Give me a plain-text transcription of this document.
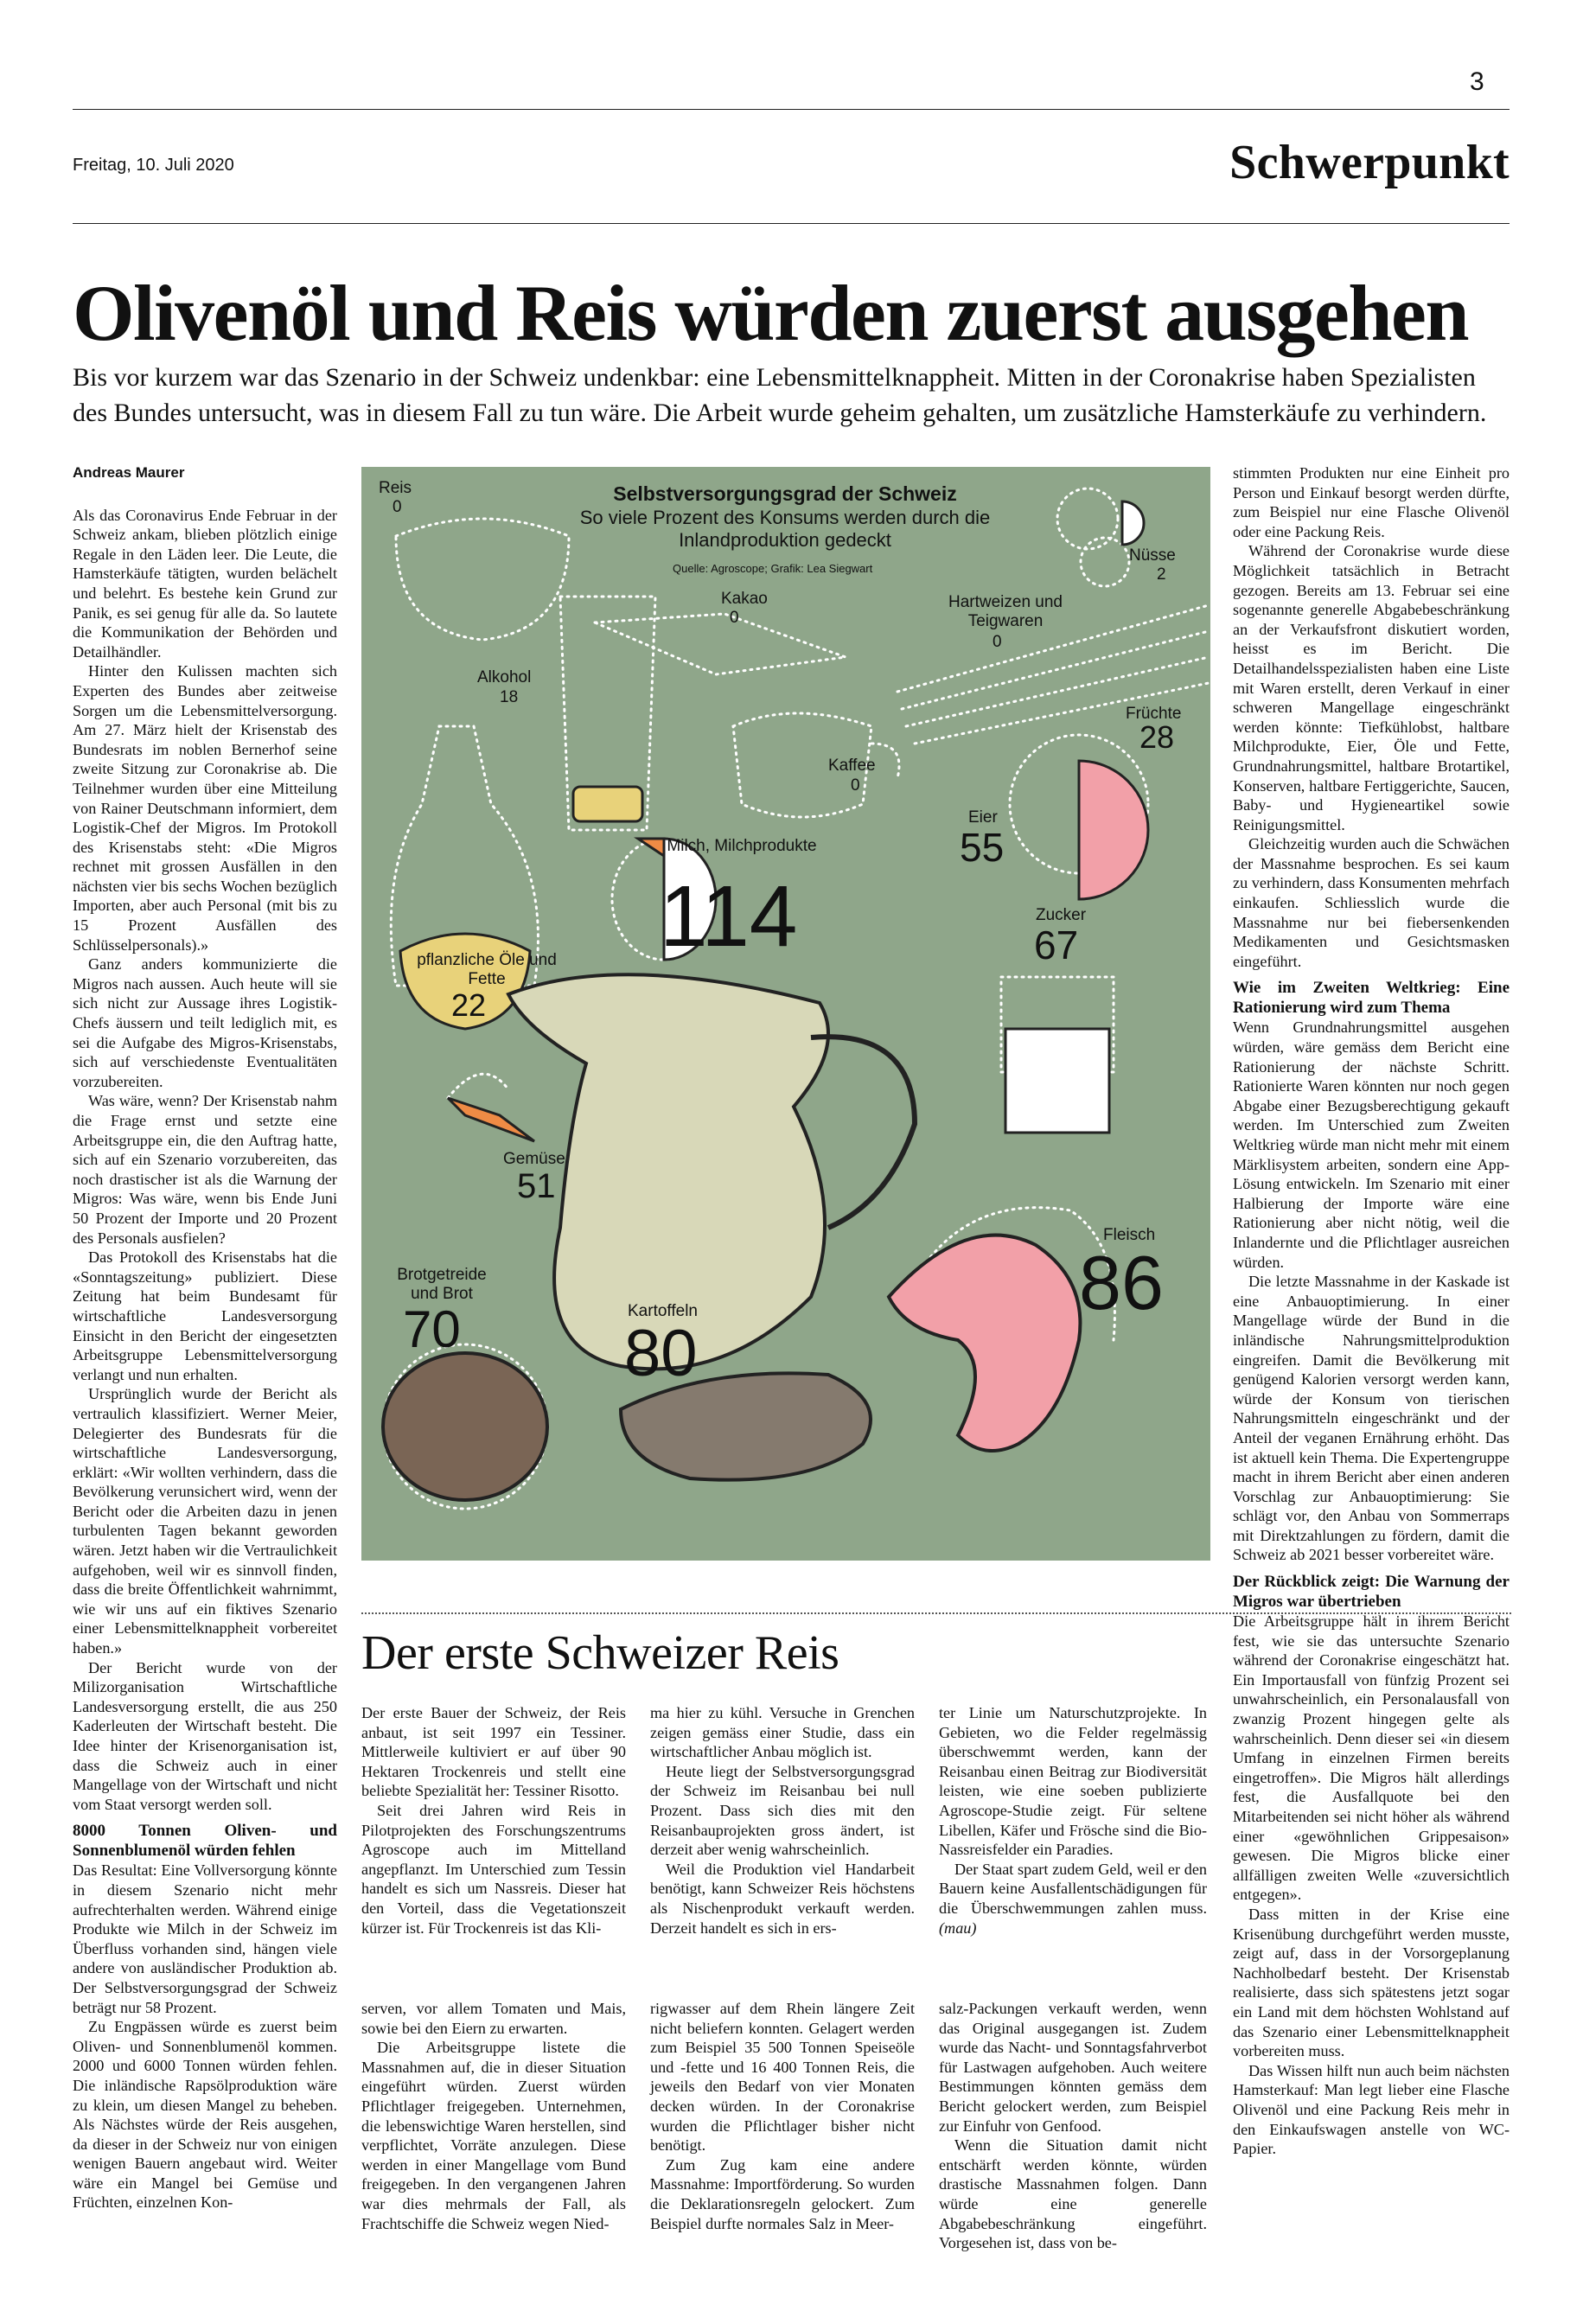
3
Freitag, 10. Juli 2020	Schwerpunkt
Olivenöl und Reis würden zuerst ausgehen
Bis vor kurzem war das Szenario in der Schweiz undenkbar: eine Lebensmittelknappheit. Mitten in der Coronakrise haben Spezialisten des Bundes untersucht, was in diesem Fall zu tun wäre. Die Arbeit wurde geheim gehalten, um zusätzliche Hamsterkäufe zu verhindern.
Andreas Maurer

Als das Coronavirus Ende Februar in der Schweiz ankam, blieben plötzlich einige Regale in den Läden leer. Die Leute, die Hamsterkäufe tätigten, wurden belächelt und belehrt. Es bestehe kein Grund zur Panik, es sei genug für alle da. So lautete die Kommunikation der Behörden und Detailhändler.

Hinter den Kulissen machten sich Experten des Bundes aber zeitweise Sorgen um die Lebensmittelversorgung. Am 27. März hielt der Krisenstab des Bundesrats im noblen Bernerhof seine zweite Sitzung zur Coronakrise ab. Die Teilnehmer wurden über eine Mitteilung von Rainer Deutschmann informiert, dem Logistik-Chef der Migros. Im Protokoll des Krisenstabs steht: «Die Migros rechnet mit grossen Ausfällen in den nächsten vier bis sechs Wochen bezüglich Importen, aber auch Personal (mit bis zu 15 Prozent Ausfällen des Schlüsselpersonals).»

Ganz anders kommunizierte die Migros nach aussen. Auch heute will sie sich nicht zur Aussage ihres Logistik-Chefs äussern und teilt lediglich mit, es sei die Aufgabe des Migros-Krisenstabs, sich auf verschiedenste Eventualitäten vorzubereiten.

Was wäre, wenn? Der Krisenstab nahm die Frage ernst und setzte eine Arbeitsgruppe ein, die den Auftrag hatte, sich auf ein Szenario vorzubereiten, das noch drastischer ist als die Warnung der Migros: Was wäre, wenn bis Ende Juni 50 Prozent der Importe und 20 Prozent des Personals ausfielen?

Das Protokoll des Krisenstabs hat die «Sonntagszeitung» publiziert. Diese Zeitung hat beim Bundesamt für wirtschaftliche Landesversorgung Einsicht in den Bericht der eingesetzten Arbeitsgruppe Lebensmittelversorgung verlangt und nun erhalten.

Ursprünglich wurde der Bericht als vertraulich klassifiziert. Werner Meier, Delegierter des Bundesrats für die wirtschaftliche Landesversorgung, erklärt: «Wir wollten verhindern, dass die Bevölkerung verunsichert wird, wenn der Bericht oder die Arbeiten dazu in jenen turbulenten Tagen bekannt geworden wären. Jetzt haben wir die Vertraulichkeit aufgehoben, weil wir es sinnvoll finden, dass die breite Öffentlichkeit wahrnimmt, wie wir uns auf ein fiktives Szenario einer Lebensmittelknappheit vorbereitet haben.»

Der Bericht wurde von der Milizorganisation Wirtschaftliche Landesversorgung erstellt, die aus 250 Kaderleuten der Wirtschaft besteht. Die Idee hinter der Krisenorganisation ist, dass die Schweiz auch in einer Mangellage von der Wirtschaft und nicht vom Staat versorgt werden soll.

8000 Tonnen Oliven- und Sonnenblumenöl würden fehlen

Das Resultat: Eine Vollversorgung könnte in diesem Szenario nicht mehr aufrechterhalten werden. Während einige Produkte wie Milch in der Schweiz im Überfluss vorhanden sind, hängen viele andere von ausländischer Produktion ab. Der Selbstversorgungsgrad der Schweiz beträgt nur 58 Prozent.

Zu Engpässen würde es zuerst beim Oliven- und Sonnenblumenöl kommen. 2000 und 6000 Tonnen würden fehlen. Die inländische Rapsölproduktion wäre zu klein, um diesen Mangel zu beheben. Als Nächstes würde der Reis ausgehen, da dieser in der Schweiz nur von einigen wenigen Bauern angebaut wird. Weiter wäre ein Mangel bei Gemüse und Früchten, einzelnen Kon-

Selbstversorgungsgrad der Schweiz
So viele Prozent des Konsums werden durch die Inlandproduktion gedeckt
Quelle: Agroscope; Grafik: Lea Siegwart
Reis
0
Nüsse
2
Kakao
0
Hartweizen und Teigwaren
0
Alkohol
18
Früchte
28
Kaffee
0
Eier
55
Milch, Milchprodukte
114	Zucker
67
pflanzliche Öle und Fette
22
Gemüse
51
Fleisch
86
Brotgetreide und Brot
70	Kartoffeln
80
Der erste Schweizer Reis

Der erste Bauer der Schweiz, der Reis anbaut, ist seit 1997 ein Tessiner. Mittlerweile kultiviert er auf über 90 Hektaren Trockenreis und stellt eine beliebte Spezialität her: Tessiner Risotto.

Seit drei Jahren wird Reis in Pilotprojekten des Forschungszentrums Agroscope auch im Mittelland angepflanzt. Im Unterschied zum Tessin handelt es sich um Nassreis. Dieser hat den Vorteil, dass die Vegetationszeit kürzer ist. Für Trockenreis ist das Kli-

ma hier zu kühl. Versuche in Grenchen zeigen gemäss einer Studie, dass ein wirtschaftlicher Anbau möglich ist.

Heute liegt der Selbstversorgungsgrad der Schweiz im Reisanbau bei null Prozent. Dass sich dies mit den Reisanbauprojekten gross ändert, ist derzeit aber wenig wahrscheinlich.

Weil die Produktion viel Handarbeit benötigt, kann Schweizer Reis höchstens als Nischenprodukt verkauft werden. Derzeit handelt es sich in ers-

ter Linie um Naturschutzprojekte. In Gebieten, wo die Felder regelmässig überschwemmt werden, kann der Reisanbau einen Beitrag zur Biodiversität leisten, wie eine soeben publizierte Agroscope-Studie zeigt. Für seltene Libellen, Käfer und Frösche sind die Bio-Nassreisfelder ein Paradies.

Der Staat spart zudem Geld, weil er den Bauern keine Ausfallentschädigungen für die Überschwemmungen zahlen muss. (mau)

serven, vor allem Tomaten und Mais, sowie bei den Eiern zu erwarten.

Die Arbeitsgruppe listete die Massnahmen auf, die in dieser Situation eingeführt würden. Zuerst würden Pflichtlager freigegeben. Unternehmen, die lebenswichtige Waren herstellen, sind verpflichtet, Vorräte anzulegen. Diese werden in einer Mangellage vom Bund freigegeben. In den vergangenen Jahren war dies mehrmals der Fall, als Frachtschiffe die Schweiz wegen Nied-

rigwasser auf dem Rhein längere Zeit nicht beliefern konnten. Gelagert werden zum Beispiel 35 500 Tonnen Speiseöle und -fette und 16 400 Tonnen Reis, die jeweils den Bedarf von vier Monaten decken würden. In der Coronakrise wurden die Pflichtlager bisher nicht benötigt.

Zum Zug kam eine andere Massnahme: Importförderung. So wurden die Deklarationsregeln gelockert. Zum Beispiel durfte normales Salz in Meer-

salz-Packungen verkauft werden, wenn das Original ausgegangen ist. Zudem wurde das Nacht- und Sonntagsfahrverbot für Lastwagen aufgehoben. Auch weitere Bestimmungen könnten gemäss dem Bericht gelockert werden, zum Beispiel zur Einfuhr von Genfood.

Wenn die Situation damit nicht entschärft werden könnte, würden drastische Massnahmen folgen. Dann würde eine generelle Abgabebeschränkung eingeführt. Vorgesehen ist, dass von be-

stimmten Produkten nur eine Einheit pro Person und Einkauf besorgt werden dürfte, zum Beispiel nur eine Flasche Olivenöl oder eine Packung Reis.

Während der Coronakrise wurde diese Möglichkeit tatsächlich in Betracht gezogen. Bereits am 13. Februar sei eine sogenannte generelle Abgabebeschränkung an der Verkaufsfront diskutiert worden, heisst es im Bericht. Die Detailhandelsspezialisten haben eine Liste mit Waren erstellt, deren Verkauf in einer schweren Mangellage eingeschränkt werden könnte: Tiefkühlobst, haltbare Milchprodukte, Eier, Öle und Fette, Grundnahrungsmittel, haltbare Brotartikel, Konserven, haltbare Fertiggerichte, Saucen, Baby- und Hygieneartikel sowie Reinigungsmittel.

Gleichzeitig wurden auch die Schwächen der Massnahme besprochen. Es sei kaum zu verhindern, dass Konsumenten mehrfach einkaufen. Schliesslich wurde die Massnahme nur bei fiebersenkenden Medikamenten und Gesichtsmasken eingeführt.

Wie im Zweiten Weltkrieg: Eine Rationierung wird zum Thema

Wenn Grundnahrungsmittel ausgehen würden, wäre gemäss dem Bericht eine Rationierung der nächste Schritt. Rationierte Waren könnten nur noch gegen Abgabe einer Bezugsberechtigung gekauft werden. Im Unterschied zum Zweiten Weltkrieg würde man nicht mehr mit einem Märklisystem arbeiten, sondern eine App-Lösung entwickeln. Im Szenario mit einer Halbierung der Importe wäre eine Rationierung aber nicht nötig, weil die Inlandernte und die Pflichtlager ausreichen würden.

Die letzte Massnahme in der Kaskade ist eine Anbauoptimierung. In einer Mangellage würde der Bund in die inländische Nahrungsmittelproduktion eingreifen. Damit die Bevölkerung mit genügend Kalorien versorgt werden kann, würde der Konsum von tierischen Nahrungsmitteln eingeschränkt und der Anteil der veganen Ernährung erhöht. Das ist aktuell kein Thema. Die Expertengruppe macht in ihrem Bericht aber einen anderen Vorschlag zur Anbauoptimierung: Sie schlägt vor, den Anbau von Sommerraps mit Direktzahlungen zu fördern, damit die Schweiz ab 2021 besser vorbereitet wäre.

Der Rückblick zeigt: Die Warnung der Migros war übertrieben

Die Arbeitsgruppe hält in ihrem Bericht fest, wie sie das untersuchte Szenario während der Coronakrise eingeschätzt hat. Ein Importausfall von fünfzig Prozent sei unwahrscheinlich, ein Personalausfall von zwanzig Prozent hingegen gelte als wahrscheinlich. Denn dieser sei «in diesem Umfang in einzelnen Firmen bereits eingetroffen». Die Migros hält allerdings fest, die Ausfallquote bei den Mitarbeitenden sei nicht höher als während einer «gewöhnlichen Grippesaison» gewesen. Die Migros blicke einer allfälligen zweiten Welle «zuversichtlich entgegen».

Dass mitten in der Krise eine Krisenübung durchgeführt werden musste, zeigt auf, dass in der Vorsorgeplanung Nachholbedarf besteht. Der Krisenstab realisierte, dass sich spätestens jetzt sogar ein Land mit dem höchsten Wohlstand auf das Szenario einer Lebensmittelknappheit vorbereiten muss.

Das Wissen hilft nun auch beim nächsten Hamsterkauf: Man legt lieber eine Flasche Olivenöl und eine Packung Reis mehr in den Einkaufswagen anstelle von WC-Papier.
